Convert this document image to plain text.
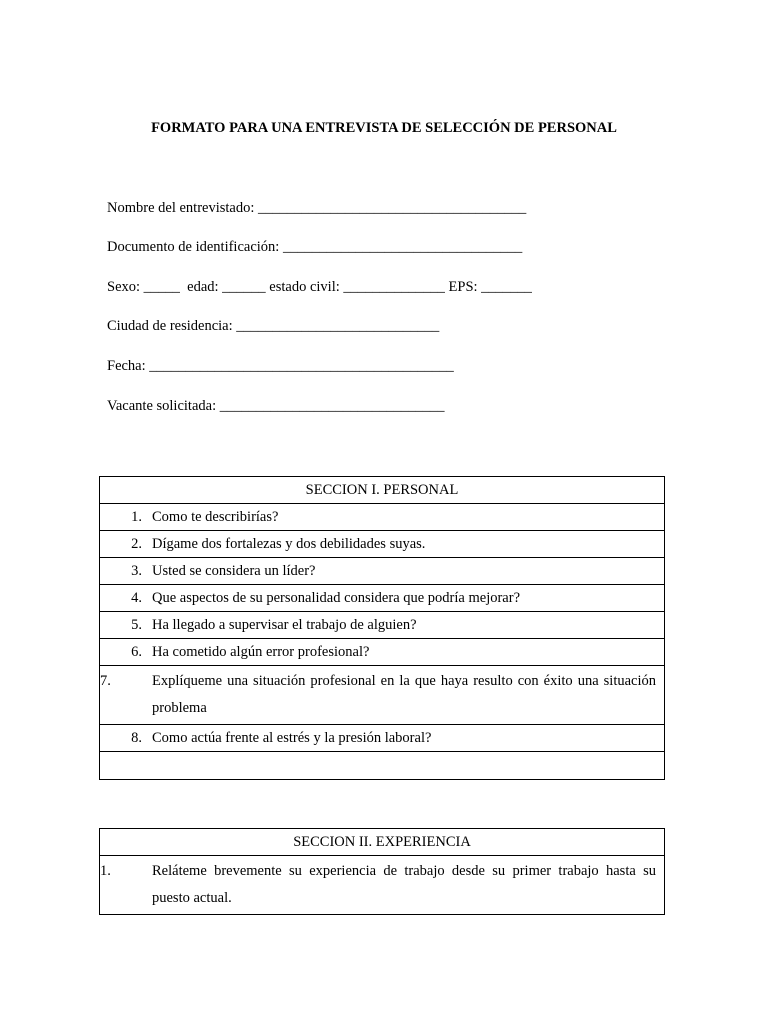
FORMATO PARA UNA ENTREVISTA DE SELECCIÓN DE PERSONAL
Nombre del entrevistado: _____________________________________
Documento de identificación: _________________________________
Sexo: _____  edad: ______ estado civil: ______________ EPS: _______
Ciudad de residencia: ____________________________
Fecha: __________________________________________
Vacante solicitada: _______________________________
SECCION I. PERSONAL

1. Como te describirías?

2. Dígame dos fortalezas y dos debilidades suyas.

3. Usted se considera un líder?

4. Que aspectos de su personalidad considera que podría mejorar?

5. Ha llegado a supervisar el trabajo de alguien?

6. Ha cometido algún error profesional?

7.	Explíqueme una situación profesional en la que haya resulto con éxito una situación problema

8. Como actúa frente al estrés y la presión laboral?

SECCION II. EXPERIENCIA

1.	Reláteme brevemente su experiencia de trabajo desde su primer trabajo hasta su puesto actual.
